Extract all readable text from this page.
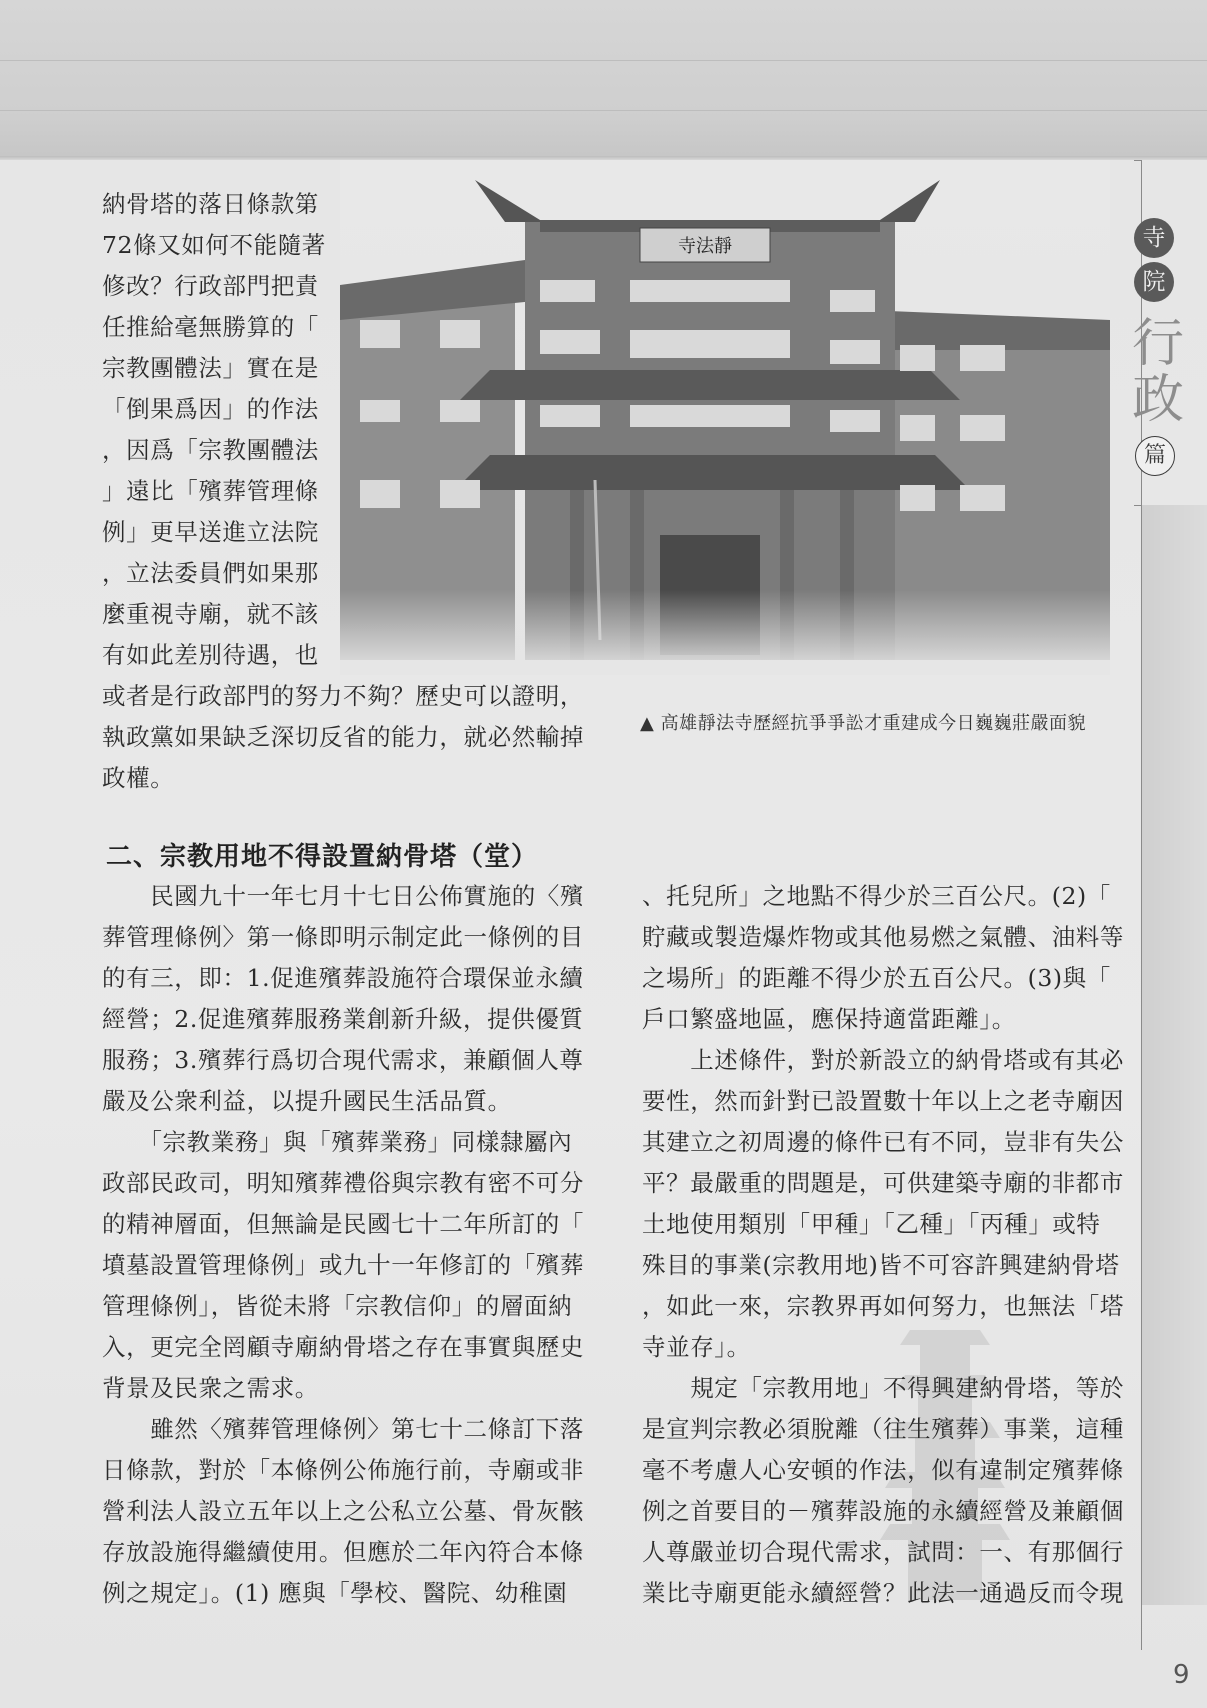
寺
院
行
政
篇
寺法靜
▲ 高雄靜法寺歷經抗爭爭訟才重建成今日巍巍莊嚴面貌
納骨塔的落日條款第
72條又如何不能隨著
修改？行政部門把責
任推給毫無勝算的「
宗教團體法」實在是
「倒果爲因」的作法
，因爲「宗教團體法
」遠比「殯葬管理條
例」更早送進立法院
，立法委員們如果那
麼重視寺廟，就不該
有如此差別待遇，也
或者是行政部門的努力不夠？歷史可以證明，
執政黨如果缺乏深切反省的能力，就必然輸掉
政權。
二、宗教用地不得設置納骨塔（堂）
　　民國九十一年七月十七日公佈實施的〈殯
葬管理條例〉第一條即明示制定此一條例的目
的有三，即：1.促進殯葬設施符合環保並永續
經營；2.促進殯葬服務業創新升級，提供優質
服務；3.殯葬行爲切合現代需求，兼顧個人尊
嚴及公衆利益，以提升國民生活品質。
　　「宗教業務」與「殯葬業務」同樣隸屬內
政部民政司，明知殯葬禮俗與宗教有密不可分
的精神層面，但無論是民國七十二年所訂的「
墳墓設置管理條例」或九十一年修訂的「殯葬
管理條例」，皆從未將「宗教信仰」的層面納
入，更完全罔顧寺廟納骨塔之存在事實與歷史
背景及民衆之需求。
　　雖然〈殯葬管理條例〉第七十二條訂下落
日條款，對於「本條例公佈施行前，寺廟或非
營利法人設立五年以上之公私立公墓、骨灰骸
存放設施得繼續使用。但應於二年內符合本條
例之規定」。(1) 應與「學校、醫院、幼稚園
、托兒所」之地點不得少於三百公尺。(2)「
貯藏或製造爆炸物或其他易燃之氣體、油料等
之場所」的距離不得少於五百公尺。(3)與「
戶口繁盛地區，應保持適當距離」。
　　上述條件，對於新設立的納骨塔或有其必
要性，然而針對已設置數十年以上之老寺廟因
其建立之初周邊的條件已有不同，豈非有失公
平？最嚴重的問題是，可供建築寺廟的非都市
土地使用類別「甲種」「乙種」「丙種」或特
殊目的事業(宗教用地)皆不可容許興建納骨塔
，如此一來，宗教界再如何努力，也無法「塔
寺並存」。
　　規定「宗教用地」不得興建納骨塔，等於
是宣判宗教必須脫離（往生殯葬）事業，這種
毫不考慮人心安頓的作法，似有違制定殯葬條
例之首要目的－殯葬設施的永續經營及兼顧個
人尊嚴並切合現代需求，試問：一、有那個行
業比寺廟更能永續經營？此法一通過反而令現
9
